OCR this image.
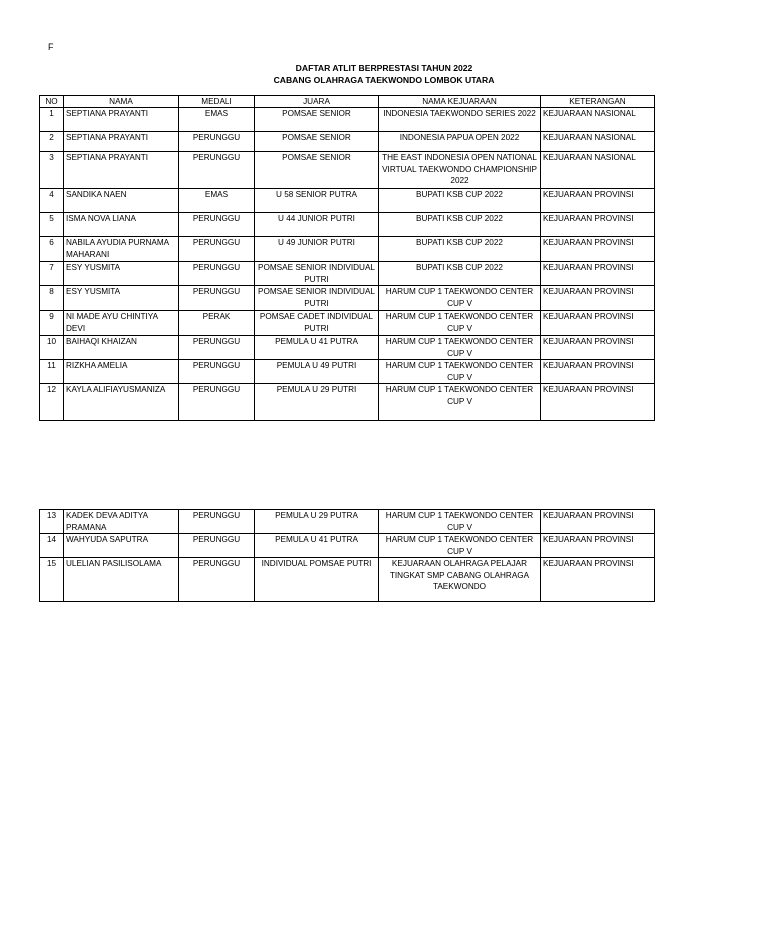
F
DAFTAR ATLIT BERPRESTASI TAHUN 2022
CABANG OLAHRAGA TAEKWONDO LOMBOK UTARA
NO	NAMA	MEDALI	JUARA	NAMA KEJUARAAN	KETERANGAN
1	SEPTIANA PRAYANTI	EMAS	POMSAE SENIOR	INDONESIA TAEKWONDO SERIES 2022	KEJUARAAN NASIONAL
2	SEPTIANA PRAYANTI	PERUNGGU	POMSAE SENIOR	INDONESIA PAPUA OPEN 2022	KEJUARAAN NASIONAL
3	SEPTIANA PRAYANTI	PERUNGGU	POMSAE SENIOR	THE EAST INDONESIA OPEN NATIONAL VIRTUAL TAEKWONDO CHAMPIONSHIP 2022	KEJUARAAN NASIONAL
4	SANDIKA NAEN	EMAS	U 58 SENIOR PUTRA	BUPATI KSB CUP 2022	KEJUARAAN PROVINSI
5	ISMA NOVA LIANA	PERUNGGU	U 44 JUNIOR PUTRI	BUPATI KSB CUP 2022	KEJUARAAN PROVINSI
6	NABILA AYUDIA PURNAMA MAHARANI	PERUNGGU	U 49 JUNIOR PUTRI	BUPATI KSB CUP 2022	KEJUARAAN PROVINSI
7	ESY YUSMITA	PERUNGGU	POMSAE SENIOR INDIVIDUAL PUTRI	BUPATI KSB CUP 2022	KEJUARAAN PROVINSI
8	ESY YUSMITA	PERUNGGU	POMSAE SENIOR INDIVIDUAL PUTRI	HARUM CUP 1 TAEKWONDO CENTER CUP V	KEJUARAAN PROVINSI
9	NI MADE AYU CHINTIYA DEVI	PERAK	POMSAE CADET INDIVIDUAL PUTRI	HARUM CUP 1 TAEKWONDO CENTER CUP V	KEJUARAAN PROVINSI
10	BAIHAQI KHAIZAN	PERUNGGU	PEMULA U 41 PUTRA	HARUM CUP 1 TAEKWONDO CENTER CUP V	KEJUARAAN PROVINSI
11	RIZKHA AMELIA	PERUNGGU	PEMULA U 49 PUTRI	HARUM CUP 1 TAEKWONDO CENTER CUP V	KEJUARAAN PROVINSI
12	KAYLA ALIFIAYUSMANIZA	PERUNGGU	PEMULA U 29 PUTRI	HARUM CUP 1 TAEKWONDO CENTER CUP V	KEJUARAAN PROVINSI
13	KADEK DEVA ADITYA PRAMANA	PERUNGGU	PEMULA U 29 PUTRA	HARUM CUP 1 TAEKWONDO CENTER CUP V	KEJUARAAN PROVINSI
14	WAHYUDA SAPUTRA	PERUNGGU	PEMULA U 41 PUTRA	HARUM CUP 1 TAEKWONDO CENTER CUP V	KEJUARAAN PROVINSI
15	ULELIAN PASILISOLAMA	PERUNGGU	INDIVIDUAL POMSAE PUTRI	KEJUARAAN OLAHRAGA PELAJAR TINGKAT SMP CABANG OLAHRAGA TAEKWONDO	KEJUARAAN PROVINSI
